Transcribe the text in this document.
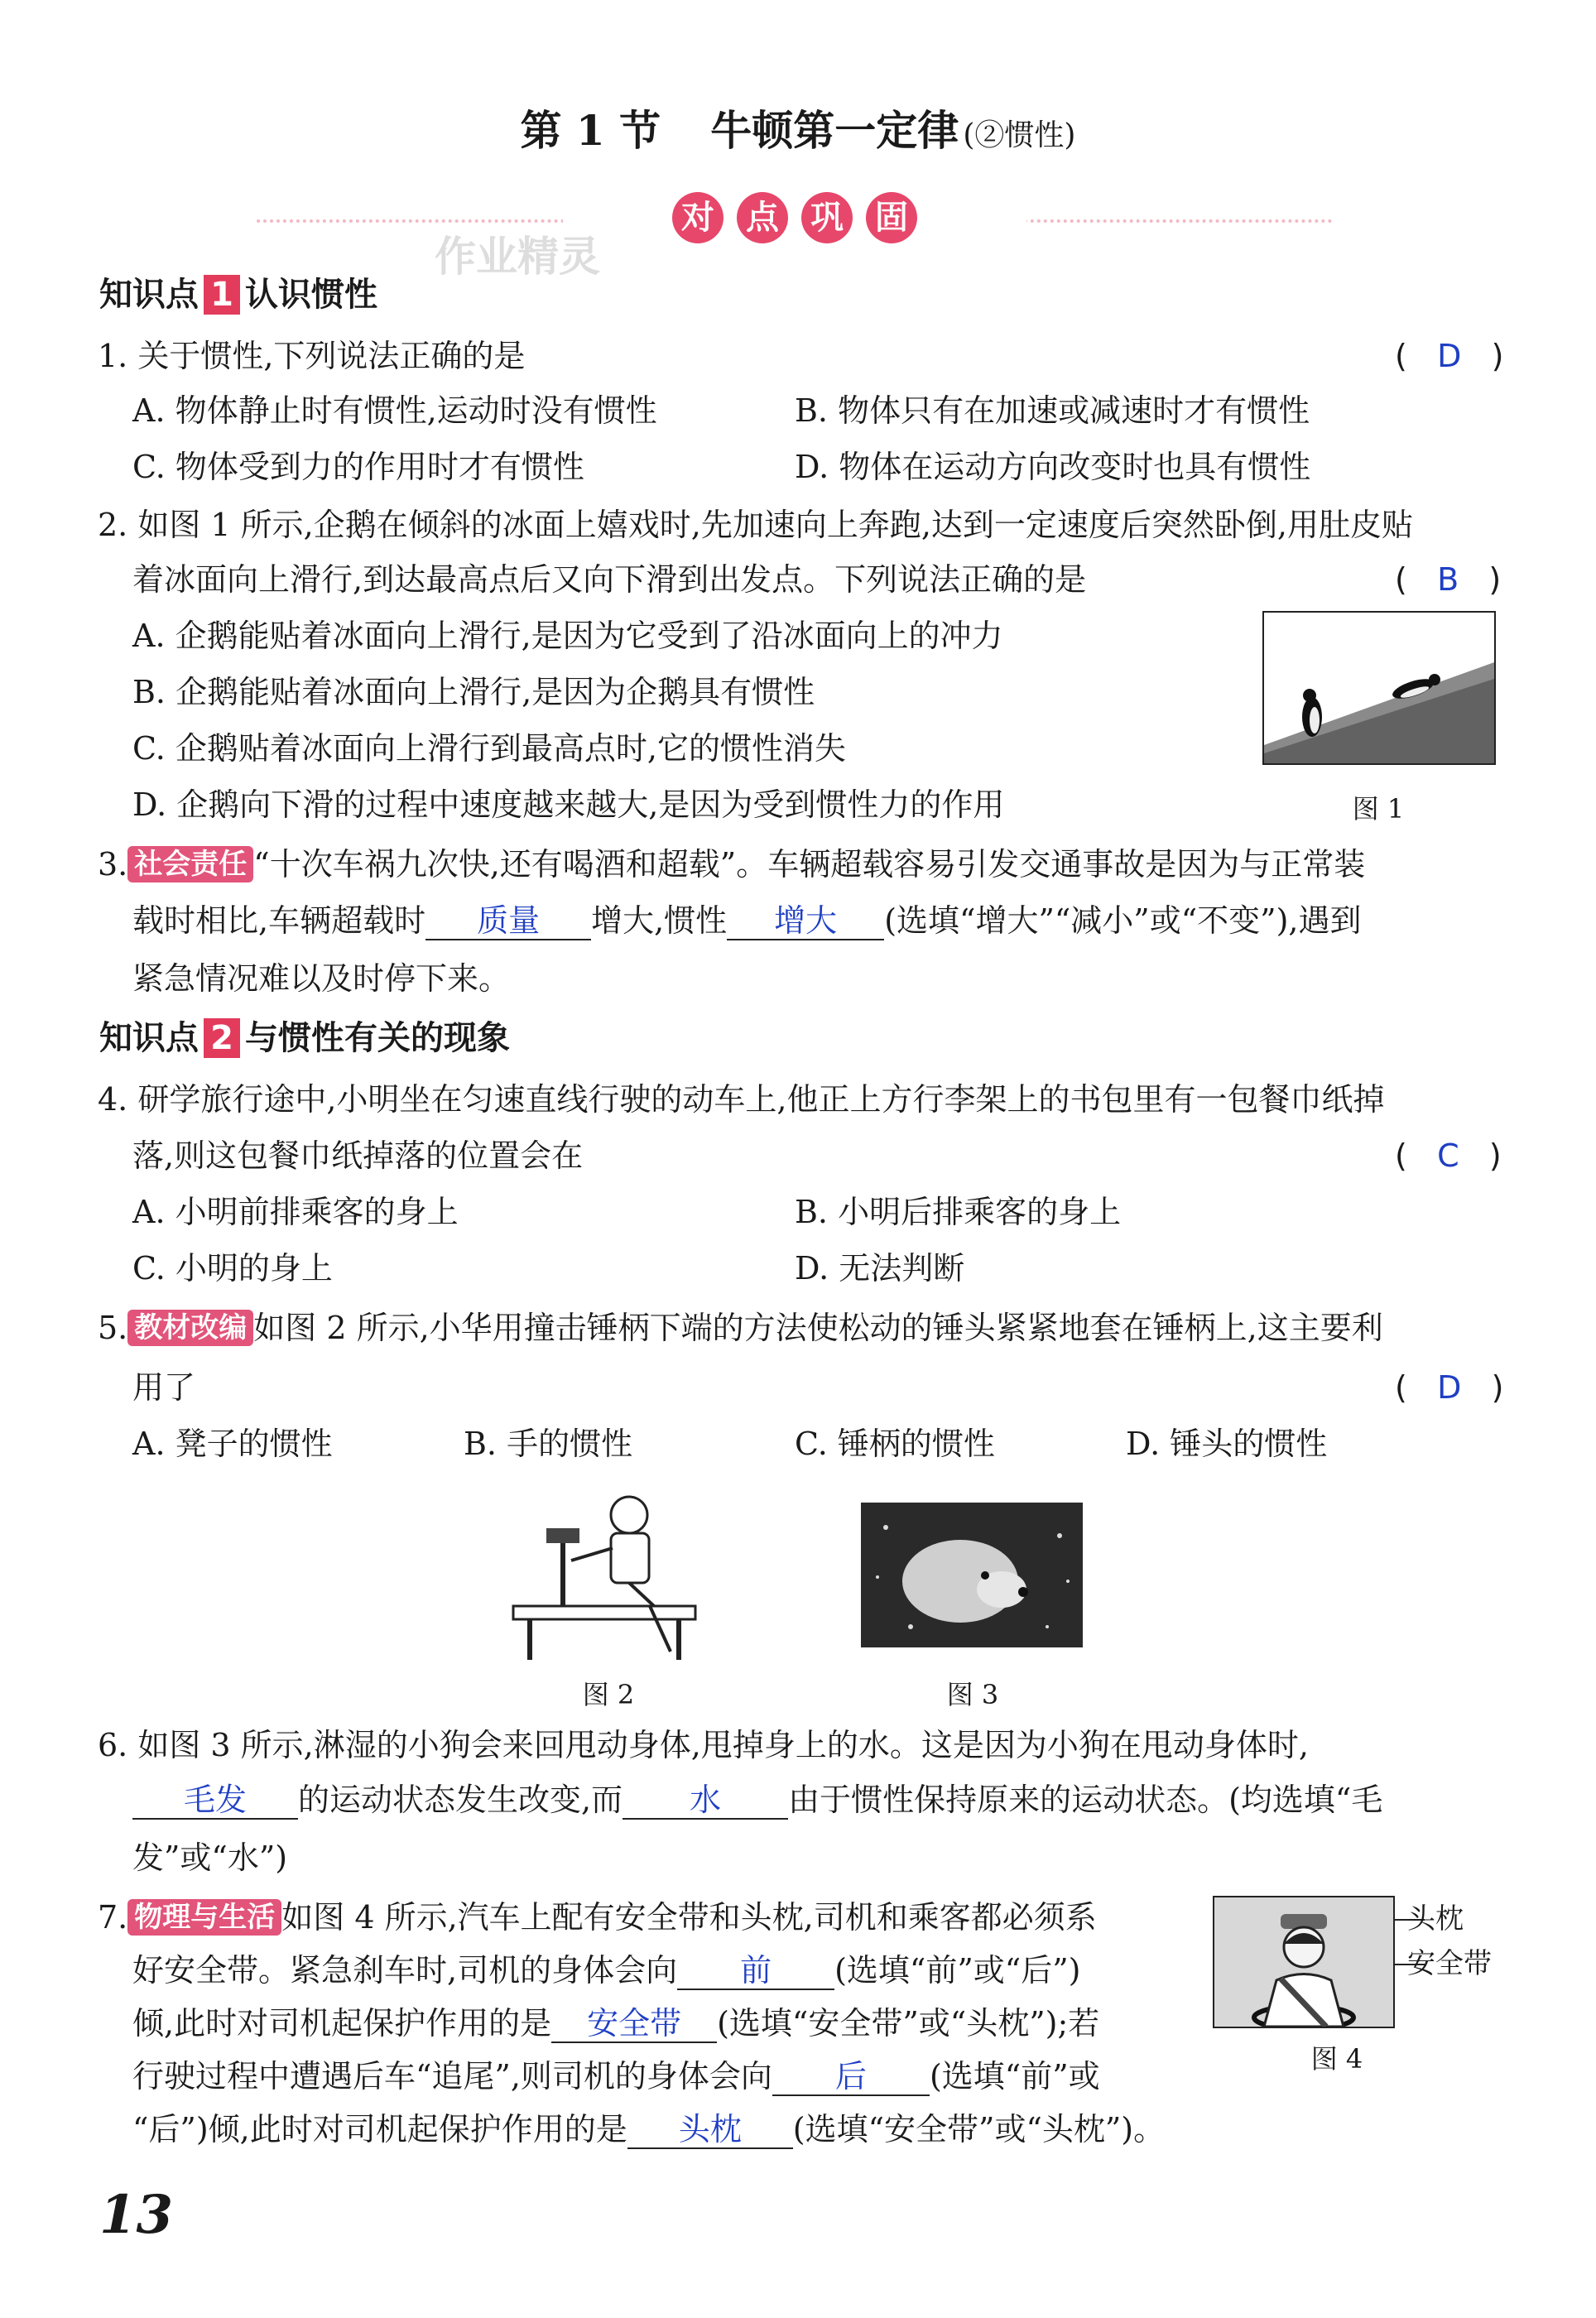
第 1 节 牛顿第一定律 (②惯性)
对 点 巩 固
作业精灵
知识点 1 认识惯性
1. 关于惯性,下列说法正确的是	(   D   )
A. 物体静止时有惯性,运动时没有惯性	B. 物体只有在加速或减速时才有惯性
C. 物体受到力的作用时才有惯性	D. 物体在运动方向改变时也具有惯性
2. 如图 1 所示,企鹅在倾斜的冰面上嬉戏时,先加速向上奔跑,达到一定速度后突然卧倒,用肚皮贴
着冰面向上滑行,到达最高点后又向下滑到出发点。下列说法正确的是	(   B   )
A. 企鹅能贴着冰面向上滑行,是因为它受到了沿冰面向上的冲力
B. 企鹅能贴着冰面向上滑行,是因为企鹅具有惯性
C. 企鹅贴着冰面向上滑行到最高点时,它的惯性消失
D. 企鹅向下滑的过程中速度越来越大,是因为受到惯性力的作用	图 1
3. 社会责任 “十次车祸九次快,还有喝酒和超载”。车辆超载容易引发交通事故是因为与正常装
载时相比,车辆超载时 质量 增大,惯性 增大 (选填“增大”“减小”或“不变”),遇到
紧急情况难以及时停下来。
知识点 2 与惯性有关的现象
4. 研学旅行途中,小明坐在匀速直线行驶的动车上,他正上方行李架上的书包里有一包餐巾纸掉
落,则这包餐巾纸掉落的位置会在	(   C   )
A. 小明前排乘客的身上	B. 小明后排乘客的身上
C. 小明的身上	D. 无法判断
5. 教材改编 如图 2 所示,小华用撞击锤柄下端的方法使松动的锤头紧紧地套在锤柄上,这主要利
用了	(   D   )
A. 凳子的惯性	B. 手的惯性	C. 锤柄的惯性	D. 锤头的惯性
图 2	图 3
6. 如图 3 所示,淋湿的小狗会来回甩动身体,甩掉身上的水。这是因为小狗在甩动身体时,
毛发 的运动状态发生改变,而 水 由于惯性保持原来的运动状态。(均选填“毛
发”或“水”)
7. 物理与生活 如图 4 所示,汽车上配有安全带和头枕,司机和乘客都必须系
好安全带。紧急刹车时,司机的身体会向 前 (选填“前”或“后”)
倾,此时对司机起保护作用的是 安全带 (选填“安全带”或“头枕”);若
行驶过程中遭遇后车“追尾”,则司机的身体会向 后 (选填“前”或
“后”)倾,此时对司机起保护作用的是 头枕 (选填“安全带”或“头枕”)。
头枕
安全带
图 4
13
